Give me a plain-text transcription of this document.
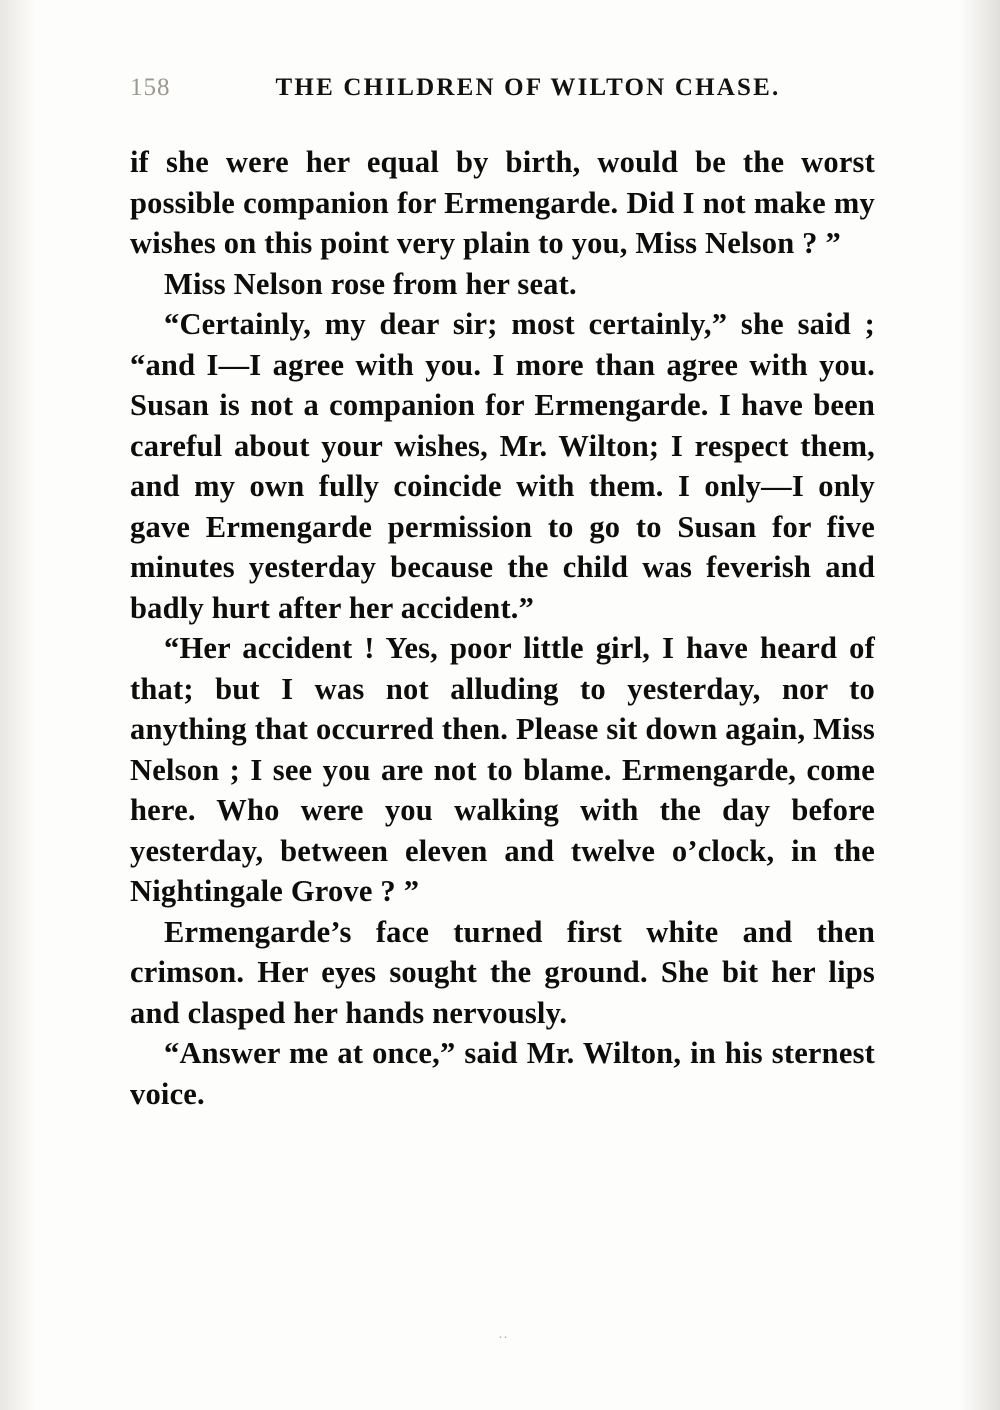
158	THE CHILDREN OF WILTON CHASE.

if she were her equal by birth, would be the worst possible companion for Ermengarde. Did I not make my wishes on this point very plain to you, Miss Nelson ? ”

Miss Nelson rose from her seat.

“Certainly, my dear sir; most certainly,” she said ; “and I—I agree with you. I more than agree with you. Susan is not a companion for Ermengarde. I have been careful about your wishes, Mr. Wilton; I respect them, and my own fully coincide with them. I only—I only gave Ermengarde permission to go to Susan for five minutes yesterday because the child was feverish and badly hurt after her accident.”

“Her accident ! Yes, poor little girl, I have heard of that; but I was not alluding to yesterday, nor to anything that occurred then. Please sit down again, Miss Nelson ; I see you are not to blame. Ermengarde, come here. Who were you walking with the day before yesterday, between eleven and twelve o’clock, in the Nightingale Grove ? ”

Ermengarde’s face turned first white and then crimson. Her eyes sought the ground. She bit her lips and clasped her hands nervously.

“Answer me at once,” said Mr. Wilton, in his sternest voice.

··
